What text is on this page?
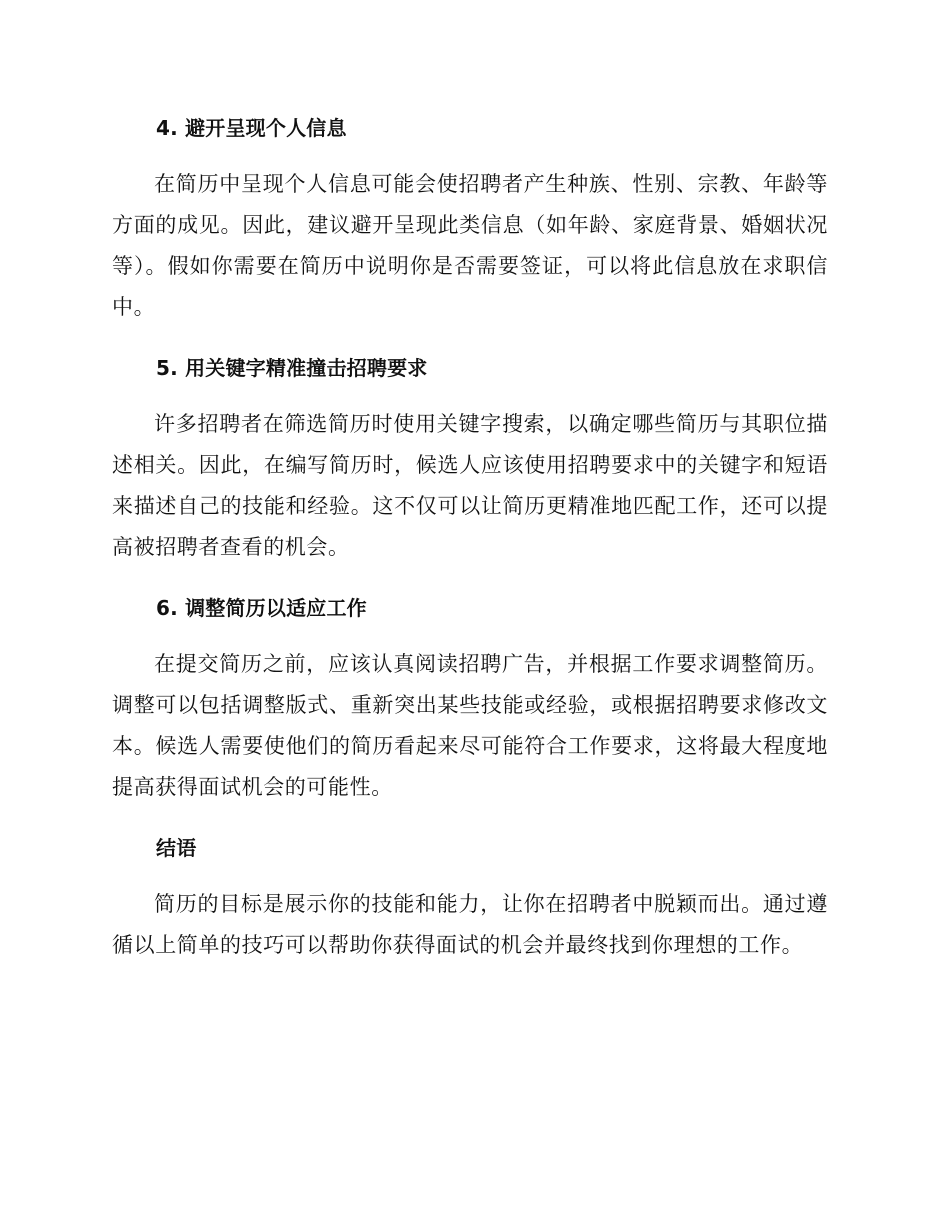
4. 避开呈现个人信息

在简历中呈现个人信息可能会使招聘者产生种族、性别、宗教、年龄等方面的成见。因此，建议避开呈现此类信息（如年龄、家庭背景、婚姻状况等）。假如你需要在简历中说明你是否需要签证，可以将此信息放在求职信中。

5. 用关键字精准撞击招聘要求

许多招聘者在筛选简历时使用关键字搜索，以确定哪些简历与其职位描述相关。因此，在编写简历时，候选人应该使用招聘要求中的关键字和短语来描述自己的技能和经验。这不仅可以让简历更精准地匹配工作，还可以提高被招聘者查看的机会。

6. 调整简历以适应工作

在提交简历之前，应该认真阅读招聘广告，并根据工作要求调整简历。调整可以包括调整版式、重新突出某些技能或经验，或根据招聘要求修改文本。候选人需要使他们的简历看起来尽可能符合工作要求，这将最大程度地提高获得面试机会的可能性。

结语

简历的目标是展示你的技能和能力，让你在招聘者中脱颖而出。通过遵循以上简单的技巧可以帮助你获得面试的机会并最终找到你理想的工作。
